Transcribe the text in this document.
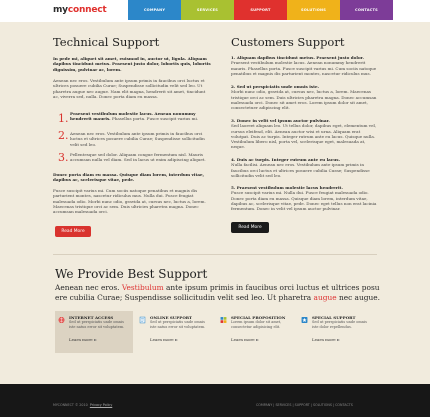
myconnect	COMPANY	SERVICES	SUPPORT	SOLUTIONS	CONTACTS
Technical Support
In pede mi, aliquet sit amet, euismod in, auctor ut, ligula. Aliquam dapibus tincidunt metus. Praesent justo dolor, lobortis quis, lobortis dignissim, pulvinar ac, lorem.
Aenean nec eros. Vestibulum ante ipsum primis in faucibus orci luctus et ultrices posuere cubilia Curae; Suspendisse sollicitudin velit sed leo. Ut pharetra augue nec augue. Nam elit magna, hendrerit sit amet, tincidunt ac, viverra sed, nulla. Donec porta diam eu massa.
1. Praesent vestibulum molestie lacus. Aenean nonummy hendrerit mauris. Phasellus porta. Fusce suscipit varius mi.
2. Aenean nec eros. Vestibulum ante ipsum primis in faucibus orci luctus et ultrices posuere cubilia Curae; Suspendisse sollicitudin velit sed leo.
3. Pellentesque sed dolor. Aliquam congue fermentum nisl. Mauris accumsan nulla vel diam. Sed in lacus ut enim adipiscing aliquet.
Donec porta diam eu massa. Quisque diam lorem, interdum vitae, dapibus ac, scelerisque vitae, pede.
Fusce suscipit varius mi. Cum sociis natoque penatibus et magnis dis parturient montes, nascetur ridiculus mus. Nulla dui. Fusce feugiat malesuada odio. Morbi nunc odio, gravida at, cursus nec, luctus a, lorem. Maecenas tristique orci ac sem. Duis ultricies pharetra magna. Donec accumsan malesuada orci.
Read More
Customers Support
1. Aliquam dapibus tincidunt metus. Praesent justo dolor.
Praesent vestibulum molestie lacus. Aenean nonummy hendrerit mauris. Phasellus porta. Fusce suscipit varius mi. Cum sociis natoque penatibus et magnis dis parturient montes, nascetur ridiculus mus.
2. Sed ut perspiciatis unde omnis iste.
Morbi nunc odio, gravida at, cursus nec, luctus a, lorem. Maecenas tristique orci ac sem. Duis ultricies pharetra magna. Donec accumsan malesuada orci. Donec sit amet eros. Lorem ipsum dolor sit amet, consectetuer adipiscing elit.
3. Donec in velit vel ipsum auctor pulvinar.
Sed laoreet aliquam leo. Ut tellus dolor, dapibus eget, elementum vel, cursus eleifend, elit. Aenean auctor wisi et urna. Aliquam erat volutpat. Duis ac turpis. Integer rutrum ante eu lacus. Quisque nulla. Vestibulum libero nisl, porta vel, scelerisque eget, malesuada at, neque.
4. Duis ac turpis. Integer rutrum ante eu lacus.
Nulla facilisi. Aenean nec eros. Vestibulum ante ipsum primis in faucibus orci luctus et ultrices posuere cubilia Curae; Suspendisse sollicitudin velit sed leo.
5. Praesent vestibulum molestie lacus hendrerit.
Fusce suscipit varius mi. Nulla dui. Fusce feugiat malesuada odio. Donec porta diam eu massa. Quisque diam lorem, interdum vitae, dapibus ac, scelerisque vitae, pede. Donec eget tellus non erat lacinia fermentum. Donec in velit vel ipsum auctor pulvinar.
Read More
We Provide Best Support
Aenean nec eros. Vestibulum ante ipsum primis in faucibus orci luctus et ultrices posu
ere cubilia Curae; Suspendisse sollicitudin velit sed leo. Ut pharetra augue nec augue.
INTERNET ACCESS
Sed ut perspiciatis unde omnis iste natus error sit voluptatem.
Learn more ►
ONLINE SUPPORT
Sed ut perspiciatis unde omnis iste natus error sit voluptatem.
Learn more ►
SPECIAL PROPOSITION
Lorem ipsum dolor sit amet, consectetur adipisicing elit.
Learn more ►
SPECIAL SUPPORT
Sed ut perspiciatis unde omnis iste dolor repellendus.
Learn more ►
MYCONNECT © 2010 Privacy Policy	COMPANY | SERVICES | SUPPORT | SOLUTIONS | CONTACTS
